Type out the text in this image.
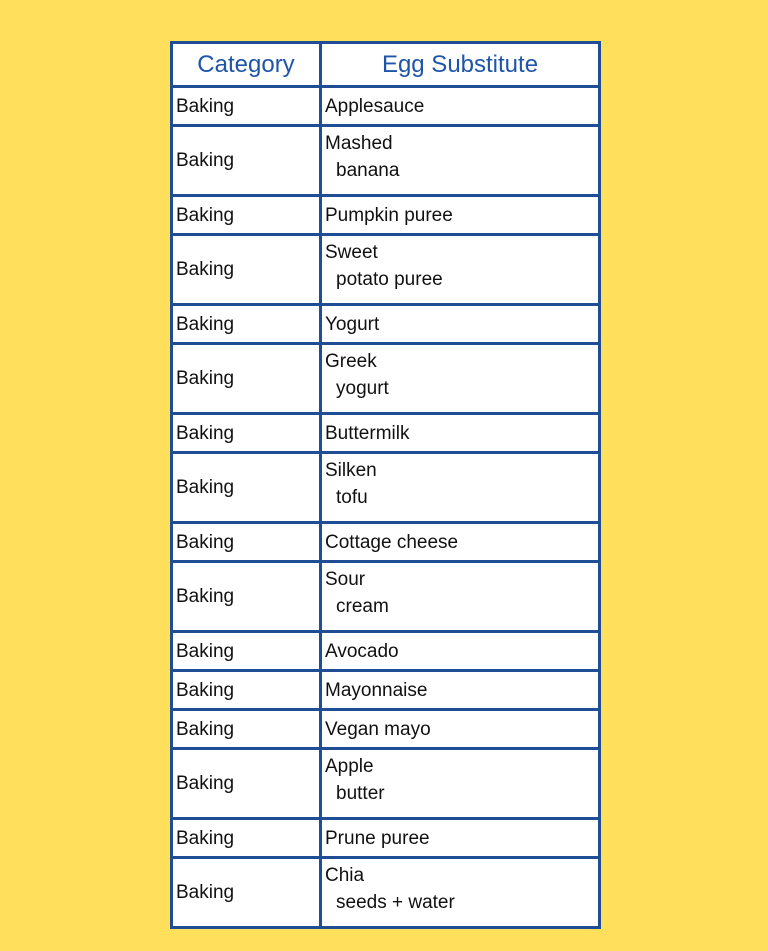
Category	Egg Substitute
Baking	Applesauce

Baking	Mashed
banana

Baking	Pumpkin puree

Baking	Sweet
potato puree

Baking	Yogurt

Baking	Greek
yogurt

Baking	Buttermilk

Baking	Silken
tofu

Baking	Cottage cheese

Baking	Sour
cream

Baking	Avocado

Baking	Mayonnaise

Baking	Vegan mayo

Baking	Apple
butter

Baking	Prune puree

Baking	Chia
seeds + water
